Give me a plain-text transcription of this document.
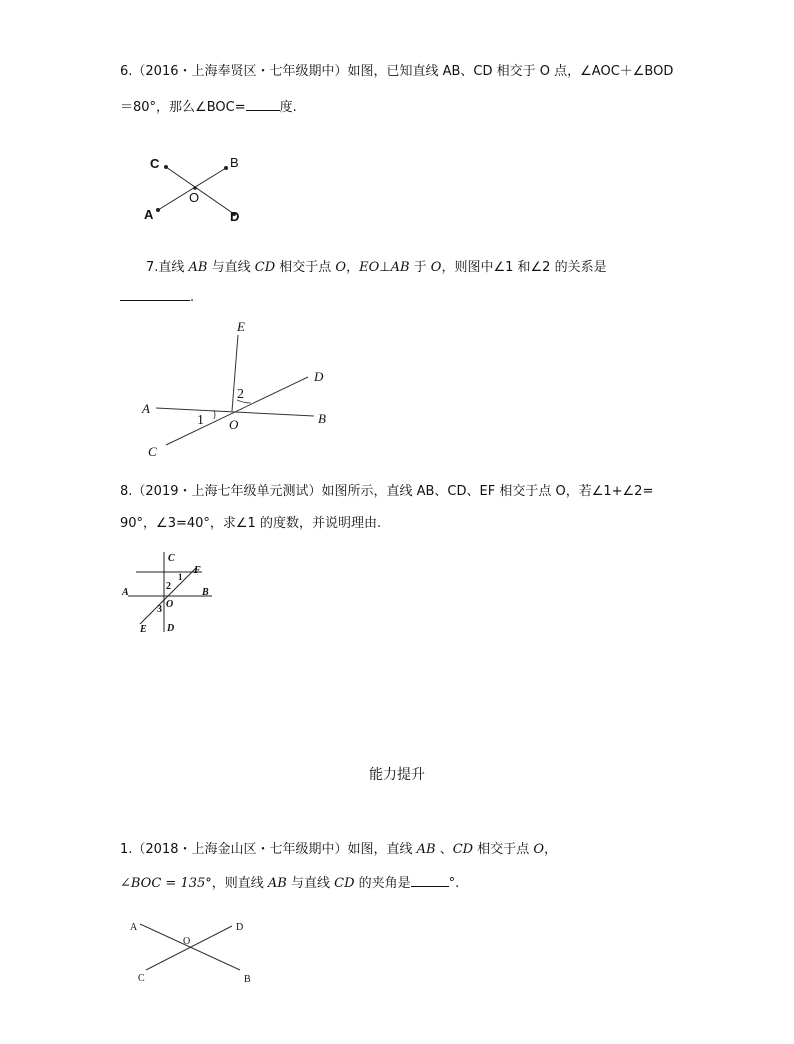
6.（2016・上海奉贤区・七年级期中）如图，已知直线 AB、CD 相交于 O 点，∠AOC＋∠BOD
＝80°，那么∠BOC=	度.
C	B
O
A	D
7.直线 AB 与直线 CD 相交于点 O，EO⊥AB 于 O，则图中∠1 和∠2 的关系是
.
E
2
D
A
1 O	B
C
8.（2019・上海七年级单元测试）如图所示，直线 AB、CD、EF 相交于点 O，若∠1+∠2=
90°，∠3=40°，求∠1 的度数，并说明理由.
C
F
1
2
A
O
B
3
E D
能力提升
1.（2018・上海金山区・七年级期中）如图，直线 AB 、CD 相交于点 O，
∠BOC = 135°，则直线 AB 与直线 CD 的夹角是	°.
A	D
O
C	B
